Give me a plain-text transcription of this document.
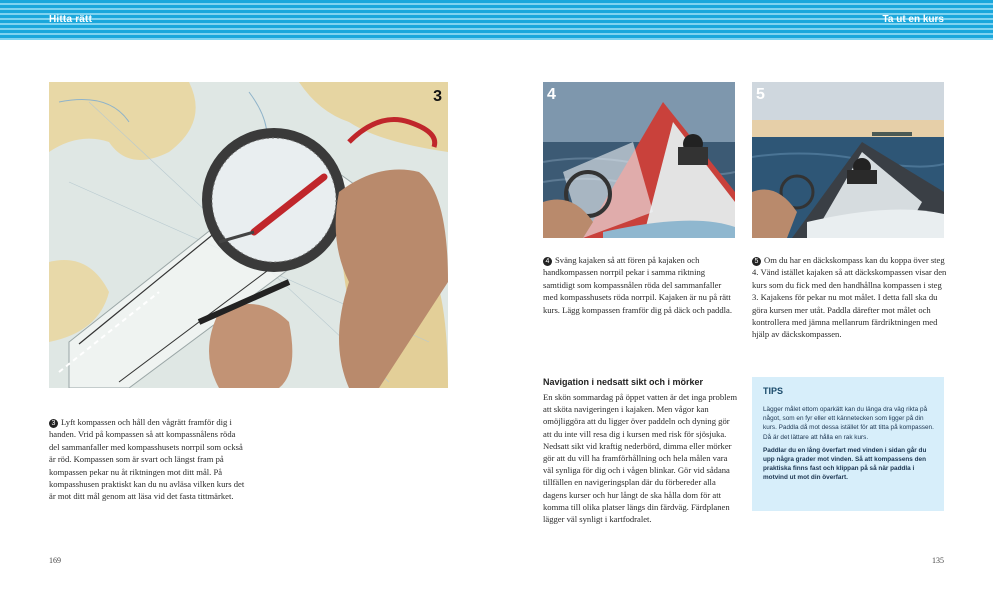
Hitta rätt	Ta ut en kurs
3	4	5
3 Lyft kompassen och håll den vågrätt framför dig i handen. Vrid på kompassen så att kompassnålens röda del sammanfaller med kompasshusets norrpil som också är röd. Kompassen som är svart och längst fram på kompassen pekar nu åt riktningen mot ditt mål. På kompasshusen praktiskt kan du nu avläsa vilken kurs det är mot ditt mål genom att läsa vid det fasta tittmärket.
4 Sväng kajaken så att fören på kajaken och handkompassen norrpil pekar i samma riktning samtidigt som kompassnålen röda del sammanfaller med kompasshusets röda norrpil. Kajaken är nu på rätt kurs. Lägg kompassen framför dig på däck och paddla.
5 Om du har en däckskompass kan du koppa över steg 4. Vänd istället kajaken så att däckskompassen visar den kurs som du fick med den handhållna kompassen i steg 3. Kajakens för pekar nu mot målet. I detta fall ska du göra kursen mer utåt. Paddla därefter mot målet och kontrollera med jämna mellanrum färdriktningen med hjälp av däckskompassen.
Navigation i nedsatt sikt och i mörker
En skön sommardag på öppet vatten är det inga problem att sköta navigeringen i kajaken. Men vågor kan omöjliggöra att du ligger över paddeln och dyning gör att du inte vill resa dig i kursen med risk för sjösjuka. Nedsatt sikt vid kraftig nederbörd, dimma eller mörker gör att du vill ha framförhållning och hela målen vara väl synliga för dig och i vågen blinkar. Gör vid sådana tillfällen en navigeringsplan där du förbereder alla dagens kurser och hur långt de ska hålla dom för att komma till olika platser längs din färdväg. Färdplanen lägger väl synligt i kartfodralet.
TIPS

Lägger målet ettom oparkätt kan du länga dra väg rikta på något, som en fyr eller ett kännetecken som ligger på din kurs. Paddla då mot dessa istället för att titta på kompassen. Då är det lättare att hålla en rak kurs.

Paddlar du en lång överfart med vinden i sidan går du upp några grader mot vinden. Så att kompassens den praktiska finns fast och klippan på så när paddla i motvind ut mot din överfart.

169	135
